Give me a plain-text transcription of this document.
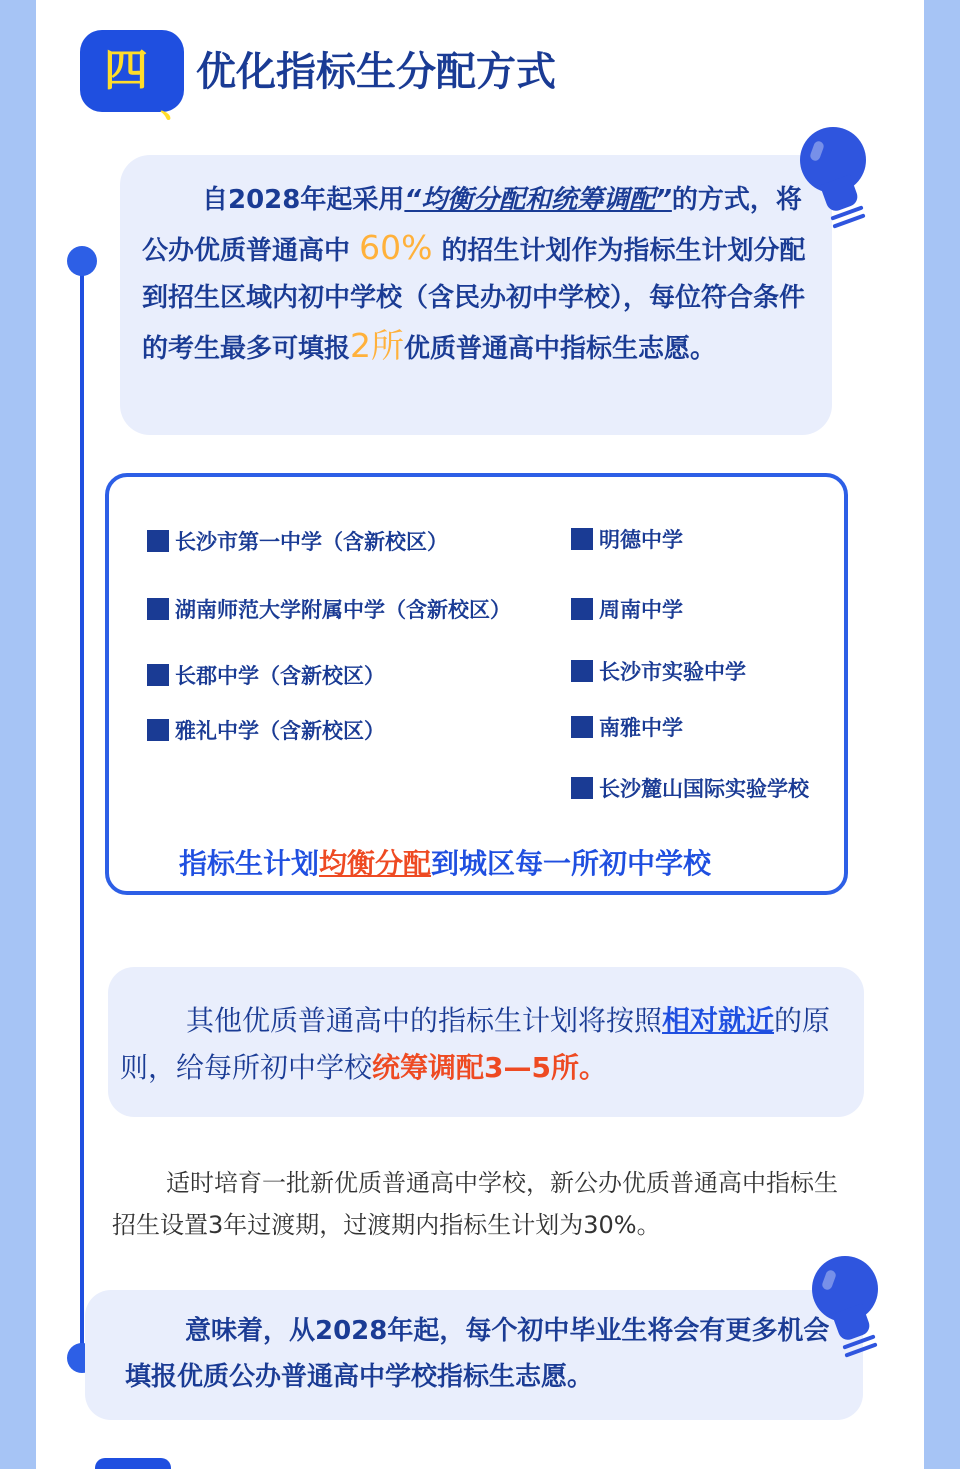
四
、
优化指标生分配方式

自2028年起采用“均衡分配和统筹调配”的方式，将公办优质普通高中 60% 的招生计划作为指标生计划分配到招生区域内初中学校（含民办初中学校），每位符合条件的考生最多可填报2所优质普通高中指标生志愿。

长沙市第一中学（含新校区）
湖南师范大学附属中学（含新校区）
长郡中学（含新校区）
雅礼中学（含新校区）
明德中学
周南中学
长沙市实验中学
南雅中学
长沙麓山国际实验学校
指标生计划均衡分配到城区每一所初中学校

其他优质普通高中的指标生计划将按照相对就近的原则，给每所初中学校统筹调配3—5所。

适时培育一批新优质普通高中学校，新公办优质普通高中指标生招生设置3年过渡期，过渡期内指标生计划为30%。

意味着，从2028年起，每个初中毕业生将会有更多机会填报优质公办普通高中学校指标生志愿。
